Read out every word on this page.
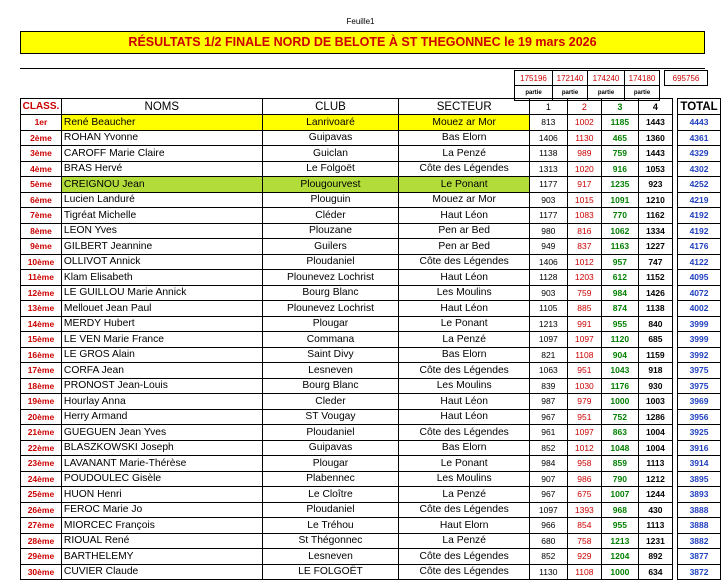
Feuille1
RÉSULTATS 1/2 FINALE NORD DE BELOTE À ST THEGONNEC le 19 mars 2026
175196	172140	174240	174180		695756
partie	partie	partie	partie		
CLASS.	NOMS	CLUB	SECTEUR	1	2	3	4		TOTAL
1er	René Beaucher	Lanrivoaré	Mouez ar Mor	813	1002	1185	1443		4443
2ème	ROHAN Yvonne	Guipavas	Bas Elorn	1406	1130	465	1360		4361
3ème	CAROFF Marie Claire	Guiclan	La Penzé	1138	989	759	1443		4329
4ème	BRAS Hervé	Le Folgoët	Côte des Légendes	1313	1020	916	1053		4302
5ème	CREIGNOU Jean	Plougourvest	Le Ponant	1177	917	1235	923		4252
6ème	Lucien Landuré	Plouguin	Mouez ar Mor	903	1015	1091	1210		4219
7ème	Tigréat Michelle	Cléder	Haut Léon	1177	1083	770	1162		4192
8ème	LEON Yves	Plouzane	Pen ar Bed	980	816	1062	1334		4192
9ème	GILBERT Jeannine	Guilers	Pen ar Bed	949	837	1163	1227		4176
10ème	OLLIVOT Annick	Ploudaniel	Côte des Légendes	1406	1012	957	747		4122
11ème	Klam Elisabeth	Plounevez Lochrist	Haut Léon	1128	1203	612	1152		4095
12ème	LE GUILLOU Marie Annick	Bourg Blanc	Les Moulins	903	759	984	1426		4072
13ème	Mellouet Jean Paul	Plounevez Lochrist	Haut Léon	1105	885	874	1138		4002
14ème	MERDY Hubert	Plougar	Le Ponant	1213	991	955	840		3999
15ème	LE VEN Marie France	Commana	La Penzé	1097	1097	1120	685		3999
16ème	LE GROS Alain	Saint Divy	Bas Elorn	821	1108	904	1159		3992
17ème	CORFA Jean	Lesneven	Côte des Légendes	1063	951	1043	918		3975
18ème	PRONOST Jean-Louis	Bourg Blanc	Les Moulins	839	1030	1176	930		3975
19ème	Hourlay Anna	Cleder	Haut Léon	987	979	1000	1003		3969
20ème	Herry Armand	ST Vougay	Haut Léon	967	951	752	1286		3956
21ème	GUEGUEN Jean Yves	Ploudaniel	Côte des Légendes	961	1097	863	1004		3925
22ème	BLASZKOWSKI Joseph	Guipavas	Bas Elorn	852	1012	1048	1004		3916
23ème	LAVANANT Marie-Thérèse	Plougar	Le Ponant	984	958	859	1113		3914
24ème	POUDOULEC Gisèle	Plabennec	Les Moulins	907	986	790	1212		3895
25ème	HUON Henri	Le Cloître	La Penzé	967	675	1007	1244		3893
26ème	FEROC Marie Jo	Ploudaniel	Côte des Légendes	1097	1393	968	430		3888
27ème	MIORCEC François	Le Tréhou	Haut Elorn	966	854	955	1113		3888
28ème	RIOUAL René	St Thégonnec	La Penzé	680	758	1213	1231		3882
29ème	BARTHELEMY	Lesneven	Côte des Légendes	852	929	1204	892		3877
30ème	CUVIER Claude	LE FOLGOËT	Côte des Légendes	1130	1108	1000	634		3872
